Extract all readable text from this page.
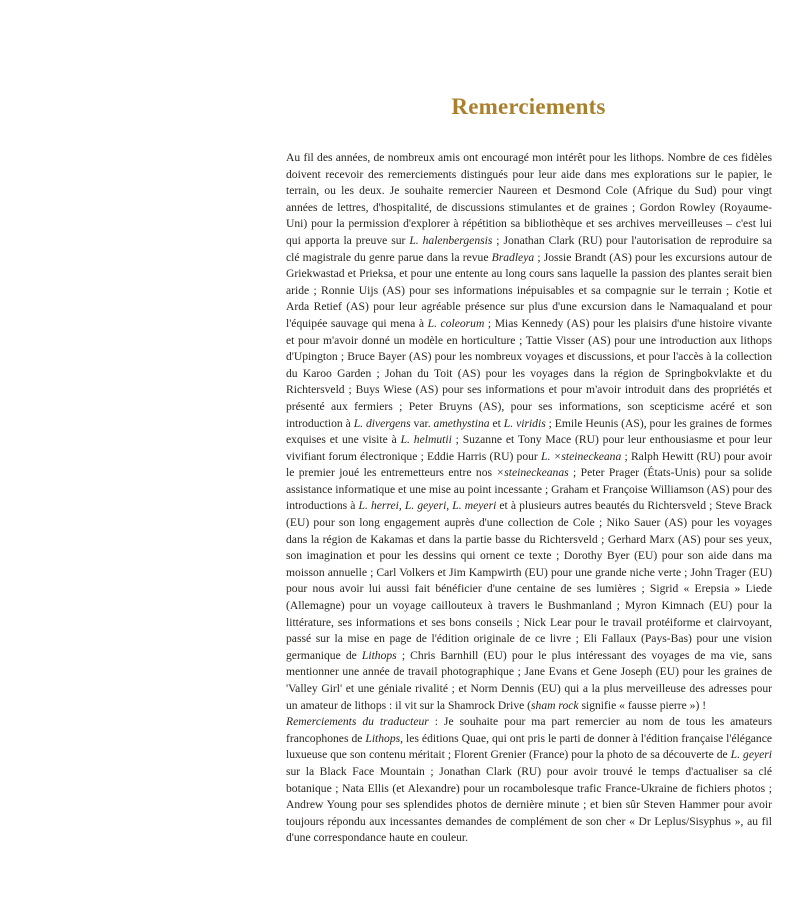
Remerciements

Au fil des années, de nombreux amis ont encouragé mon intérêt pour les lithops. Nombre de ces fidèles doivent recevoir des remerciements distingués pour leur aide dans mes explorations sur le papier, le terrain, ou les deux. Je souhaite remercier Naureen et Desmond Cole (Afrique du Sud) pour vingt années de lettres, d'hospitalité, de discussions stimulantes et de graines ; Gordon Rowley (Royaume-Uni) pour la permission d'explorer à répétition sa bibliothèque et ses archives merveilleuses – c'est lui qui apporta la preuve sur L. halenbergensis ; Jonathan Clark (RU) pour l'autorisation de reproduire sa clé magistrale du genre parue dans la revue Bradleya ; Jossie Brandt (AS) pour les excursions autour de Griekwastad et Prieksa, et pour une entente au long cours sans laquelle la passion des plantes serait bien aride ; Ronnie Uijs (AS) pour ses informations inépuisables et sa compagnie sur le terrain ; Kotie et Arda Retief (AS) pour leur agréable présence sur plus d'une excursion dans le Namaqualand et pour l'équipée sauvage qui mena à L. coleorum ; Mias Kennedy (AS) pour les plaisirs d'une histoire vivante et pour m'avoir donné un modèle en horticulture ; Tattie Visser (AS) pour une introduction aux lithops d'Upington ; Bruce Bayer (AS) pour les nombreux voyages et discussions, et pour l'accès à la collection du Karoo Garden ; Johan du Toit (AS) pour les voyages dans la région de Springbokvlakte et du Richtersveld ; Buys Wiese (AS) pour ses informations et pour m'avoir introduit dans des propriétés et présenté aux fermiers ; Peter Bruyns (AS), pour ses informations, son scepticisme acéré et son introduction à L. divergens var. amethystina et L. viridis ; Emile Heunis (AS), pour les graines de formes exquises et une visite à L. helmutii ; Suzanne et Tony Mace (RU) pour leur enthousiasme et pour leur vivifiant forum électronique ; Eddie Harris (RU) pour L. ×steineckeana ; Ralph Hewitt (RU) pour avoir le premier joué les entremetteurs entre nos ×steineckeanas ; Peter Prager (États-Unis) pour sa solide assistance informatique et une mise au point incessante ; Graham et Françoise Williamson (AS) pour des introductions à L. herrei, L. geyeri, L. meyeri et à plusieurs autres beautés du Richtersveld ; Steve Brack (EU) pour son long engagement auprès d'une collection de Cole ; Niko Sauer (AS) pour les voyages dans la région de Kakamas et dans la partie basse du Richtersveld ; Gerhard Marx (AS) pour ses yeux, son imagination et pour les dessins qui ornent ce texte ; Dorothy Byer (EU) pour son aide dans ma moisson annuelle ; Carl Volkers et Jim Kampwirth (EU) pour une grande niche verte ; John Trager (EU) pour nous avoir lui aussi fait bénéficier d'une centaine de ses lumières ; Sigrid « Erepsia » Liede (Allemagne) pour un voyage caillouteux à travers le Bushmanland ; Myron Kimnach (EU) pour la littérature, ses informations et ses bons conseils ; Nick Lear pour le travail protéiforme et clairvoyant, passé sur la mise en page de l'édition originale de ce livre ; Eli Fallaux (Pays-Bas) pour une vision germanique de Lithops ; Chris Barnhill (EU) pour le plus intéressant des voyages de ma vie, sans mentionner une année de travail photographique ; Jane Evans et Gene Joseph (EU) pour les graines de 'Valley Girl' et une géniale rivalité ; et Norm Dennis (EU) qui a la plus merveilleuse des adresses pour un amateur de lithops : il vit sur la Shamrock Drive (sham rock signifie « fausse pierre ») !

Remerciements du traducteur : Je souhaite pour ma part remercier au nom de tous les amateurs francophones de Lithops, les éditions Quae, qui ont pris le parti de donner à l'édition française l'élégance luxueuse que son contenu méritait ; Florent Grenier (France) pour la photo de sa découverte de L. geyeri sur la Black Face Mountain ; Jonathan Clark (RU) pour avoir trouvé le temps d'actualiser sa clé botanique ; Nata Ellis (et Alexandre) pour un rocambolesque trafic France-Ukraine de fichiers photos ; Andrew Young pour ses splendides photos de dernière minute ; et bien sûr Steven Hammer pour avoir toujours répondu aux incessantes demandes de complément de son cher « Dr Leplus/Sisyphus », au fil d'une correspondance haute en couleur.
